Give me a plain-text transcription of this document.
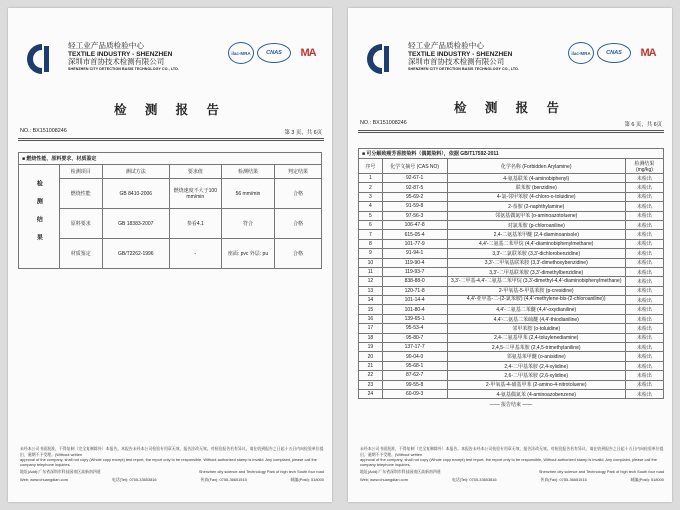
轻工业产品质检验中心
TEXTILE INDUSTRY - SHENZHEN
深圳市首协技术检测有限公司
SHENZHEN CITY DETECTION BASIS TECHNOLOGY CO., LTD.
ilac-MRA	CNAS	MA
检 测 报 告
NO.: BX151008246	第 3 页，共 6页
■ 燃烧性能、原料要求、材质鉴定					
检测结果	检测项目	测试方法	要求值	检测结果	判定结果
	燃烧性能	GB 8410-2006	燃烧速度不大于100 mm/min	56 mm/min	合格
	原料要求	GB 18383-2007	参看4.1	符合	合格
	材质鉴定	GB/T2262-1996	-	座面: pvc 外层: pu	合格
未经本公司书面批准，不得复制（完全复制除外）本报告。本报告未经本公司检验专用章无效，报告涂改无效。对检验报告若有异议，请在收到报告之日起十五日内向检验单位提出，逾期不予受理。(Without written
approval of the company, shall not copy (Whole copy except) test report, the report only to be responsible, Without authorized stamp is invalid. Any complaint, please call the
company telephone inquiries.
地址(Add):广东省深圳市科技园南区高新南四道	Shenzhen city science and Technology Park of high tech South four road
Web: www.chuangdian.com	电话(Tel): 0755-33653816	传真(Fax): 0755-36651515	邮编(Post): 518000
轻工业产品质检验中心
TEXTILE INDUSTRY - SHENZHEN
深圳市首协技术检测有限公司
SHENZHEN CITY DETECTION BASIS TECHNOLOGY CO., LTD.
ilac-MRA	CNAS	MA
检 测 报 告
NO.: BX151008246	第 6 页，共 6页
■ 可分解致癌芳香胺染料（偶氮染料），依据 GB/T17592-2011			
序号	化学文摘号 (CAS NO)	化学名称 (Forbidden Arylamine)	检测结果 (mg/kg)
1	92-67-1	4-氨基联苯 (4-aminobiphenyl)	未检出
2	92-87-5	联苯胺 (benzidine)	未检出
3	95-69-2	4-氯-邻甲苯胺 (4-chloro-o-toluidine)	未检出
4	91-59-8	2-萘胺 (2-naphthylamine)	未检出
5	97-56-3	邻氨基偶氮甲苯 (o-aminoazotoluene)	未检出
6	106-47-8	对氯苯胺 (p-chloroaniline)	未检出
7	615-05-4	2,4-二氨基苯甲醚 (2,4-diaminoanisole)	未检出
8	101-77-9	4,4'-二氨基二苯甲烷 (4,4'-diaminobiphenylmethane)	未检出
9	91-94-1	3,3'-二氯联苯胺 (3,3'-dichlorobenzidine)	未检出
10	119-90-4	3,3'-二甲氧基联苯胺 (3,3'-dimethoxybenzidine)	未检出
11	119-93-7	3,3'-二甲基联苯胺 (3,3'-dimethylbenzidine)	未检出
12	838-88-0	3,3'-二甲基-4,4'-二氨基二苯甲烷 (3,3'-dimethyl-4,4'-diaminobiphenylmethane)	未检出
13	120-71-8	2-甲氧基-5-甲基苯胺 (p-cresidine)	未检出
14	101-14-4	4,4'-亚甲基-二-(2-氯苯胺) (4,4'-methylene-bis-(2-chloroaniline))	未检出
15	101-80-4	4,4'-二氨基二苯醚 (4,4'-oxydianiline)	未检出
16	139-65-1	4,4'-二氨基二苯硫醚 (4,4'-thiodianiline)	未检出
17	95-53-4	邻甲苯胺 (o-toluidine)	未检出
18	95-80-7	2,4-二氨基甲苯 (2,4-toluylenediamine)	未检出
19	137-17-7	2,4,5-三甲基苯胺 (2,4,5-trimethylaniline)	未检出
20	90-04-0	邻氨基苯甲醚 (o-anisidine)	未检出
21	95-68-1	2,4-二甲基苯胺 (2,4-xylidine)	未检出
22	87-62-7	2,6-二甲基苯胺 (2,6-xylidine)	未检出
23	99-55-8	2-甲氧基-4-硝基甲苯 (2-amino-4-nitrotoluene)	未检出
24	60-09-3	4-氨基偶氮苯 (4-aminoazobenzene)	未检出
—— 报告结束 ——			
未经本公司书面批准，不得复制（完全复制除外）本报告。本报告未经本公司检验专用章无效，报告涂改无效。对检验报告若有异议，请在收到报告之日起十五日内向检验单位提出，逾期不予受理。(Without written
approval of the company, shall not copy (Whole copy except) test report, the report only to be responsible, Without authorized stamp is invalid. Any complaint, please call the
company telephone inquiries.
地址(Add):广东省深圳市科技园南区高新南四道	Shenzhen city science and Technology Park of high tech South four road
Web: www.chuangdian.com	电话(Tel): 0755-33653816	传真(Fax): 0755-36651515	邮编(Post): 518000
